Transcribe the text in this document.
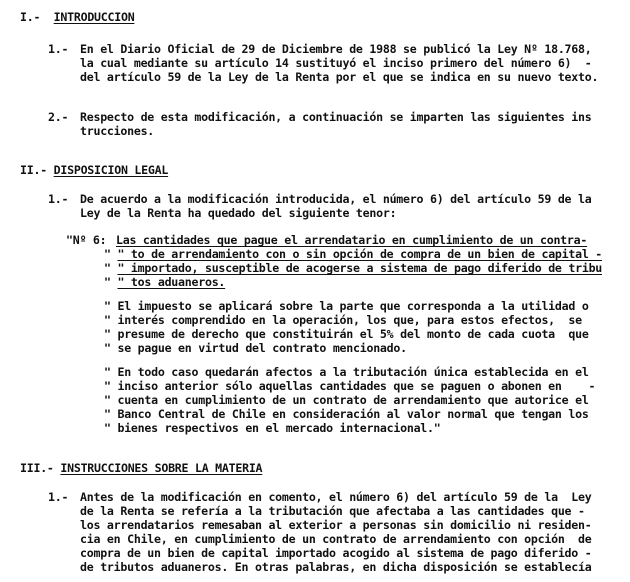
I.- INTRODUCCION
1.- En el Diario Oficial de 29 de Diciembre de 1988 se publicó la Ley Nº 18.768,
la cual mediante su artículo 14 sustituyó el inciso primero del número 6)  -
del artículo 59 de la Ley de la Renta por el que se indica en su nuevo texto.
2.- Respecto de esta modificación, a continuación se imparten las siguientes ins
trucciones.
II.- DISPOSICION LEGAL
1.- De acuerdo a la modificación introducida, el número 6) del artículo 59 de la
Ley de la Renta ha quedado del siguiente tenor:
"Nº 6: Las cantidades que pague el arrendatario en cumplimiento de un contra-
" " to de arrendamiento con o sin opción de compra de un bien de capital -
" " importado, susceptible de acogerse a sistema de pago diferido de tribu
" " tos aduaneros.
" El impuesto se aplicará sobre la parte que corresponda a la utilidad o
" interés comprendido en la operación, los que, para estos efectos,  se
" presume de derecho que constituirán el 5% del monto de cada cuota  que
" se pague en virtud del contrato mencionado.
" En todo caso quedarán afectos a la tributación única establecida en el
" inciso anterior sólo aquellas cantidades que se paguen o abonen en    -
" cuenta en cumplimiento de un contrato de arrendamiento que autorice el
" Banco Central de Chile en consideración al valor normal que tengan los
" bienes respectivos en el mercado internacional."
III.- INSTRUCCIONES SOBRE LA MATERIA
1.- Antes de la modificación en comento, el número 6) del artículo 59 de la  Ley
de la Renta se refería a la tributación que afectaba a las cantidades que -
los arrendatarios remesaban al exterior a personas sin domicilio ni residen-
cia en Chile, en cumplimiento de un contrato de arrendamiento con opción  de
compra de un bien de capital importado acogido al sistema de pago diferido -
de tributos aduaneros. En otras palabras, en dicha disposición se establecía
